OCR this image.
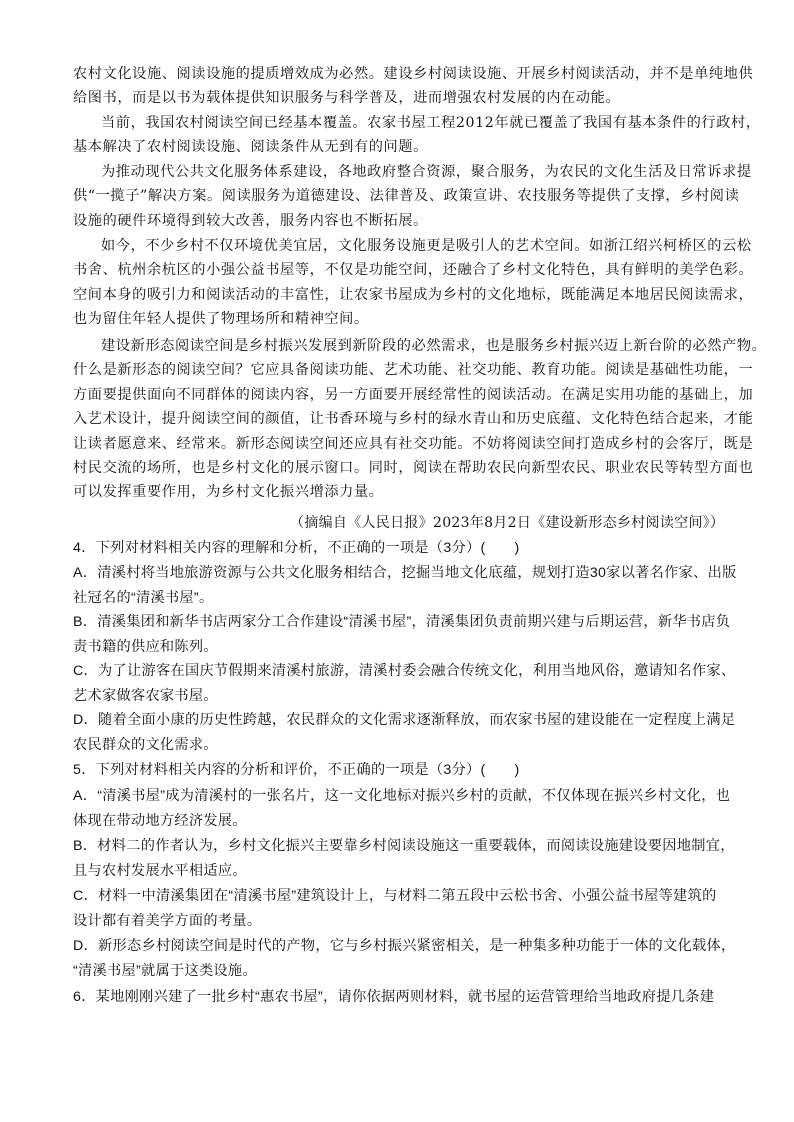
农村文化设施、阅读设施的提质增效成为必然。建设乡村阅读设施、开展乡村阅读活动，并不是单纯地供
给图书，而是以书为载体提供知识服务与科学普及，进而增强农村发展的内在动能。
当前，我国农村阅读空间已经基本覆盖。农家书屋工程2012年就已覆盖了我国有基本条件的行政村，
基本解决了农村阅读设施、阅读条件从无到有的问题。
为推动现代公共文化服务体系建设，各地政府整合资源，聚合服务，为农民的文化生活及日常诉求提
供“一揽子”解决方案。阅读服务为道德建设、法律普及、政策宣讲、农技服务等提供了支撑，乡村阅读
设施的硬件环境得到较大改善，服务内容也不断拓展。
如今，不少乡村不仅环境优美宜居，文化服务设施更是吸引人的艺术空间。如浙江绍兴柯桥区的云松
书舍、杭州余杭区的小强公益书屋等，不仅是功能空间，还融合了乡村文化特色，具有鲜明的美学色彩。
空间本身的吸引力和阅读活动的丰富性，让农家书屋成为乡村的文化地标，既能满足本地居民阅读需求，
也为留住年轻人提供了物理场所和精神空间。
建设新形态阅读空间是乡村振兴发展到新阶段的必然需求，也是服务乡村振兴迈上新台阶的必然产物。
什么是新形态的阅读空间？它应具备阅读功能、艺术功能、社交功能、教育功能。阅读是基础性功能，一
方面要提供面向不同群体的阅读内容，另一方面要开展经常性的阅读活动。在满足实用功能的基础上，加
入艺术设计，提升阅读空间的颜值，让书香环境与乡村的绿水青山和历史底蕴、文化特色结合起来，才能
让读者愿意来、经常来。新形态阅读空间还应具有社交功能。不妨将阅读空间打造成乡村的会客厅，既是
村民交流的场所，也是乡村文化的展示窗口。同时，阅读在帮助农民向新型农民、职业农民等转型方面也
可以发挥重要作用，为乡村文化振兴增添力量。

（摘编自《人民日报》2023年8月2日《建设新形态乡村阅读空间》）

4．下列对材料相关内容的理解和分析，不正确的一项是（3分）(　　)

A．清溪村将当地旅游资源与公共文化服务相结合，挖掘当地文化底蕴，规划打造30家以著名作家、出版
社冠名的“清溪书屋”。
B．清溪集团和新华书店两家分工合作建设“清溪书屋”，清溪集团负责前期兴建与后期运营，新华书店负
责书籍的供应和陈列。
C．为了让游客在国庆节假期来清溪村旅游，清溪村委会融合传统文化，利用当地风俗，邀请知名作家、
艺术家做客农家书屋。
D．随着全面小康的历史性跨越，农民群众的文化需求逐渐释放，而农家书屋的建设能在一定程度上满足
农民群众的文化需求。

5．下列对材料相关内容的分析和评价，不正确的一项是（3分）(　　)

A．“清溪书屋”成为清溪村的一张名片，这一文化地标对振兴乡村的贡献，不仅体现在振兴乡村文化，也
体现在带动地方经济发展。
B．材料二的作者认为，乡村文化振兴主要靠乡村阅读设施这一重要载体，而阅读设施建设要因地制宜，
且与农村发展水平相适应。
C．材料一中清溪集团在“清溪书屋”建筑设计上，与材料二第五段中云松书舍、小强公益书屋等建筑的
设计都有着美学方面的考量。
D．新形态乡村阅读空间是时代的产物，它与乡村振兴紧密相关，是一种集多种功能于一体的文化载体，
“清溪书屋”就属于这类设施。

6．某地刚刚兴建了一批乡村“惠农书屋”，请你依据两则材料，就书屋的运营管理给当地政府提几条建
